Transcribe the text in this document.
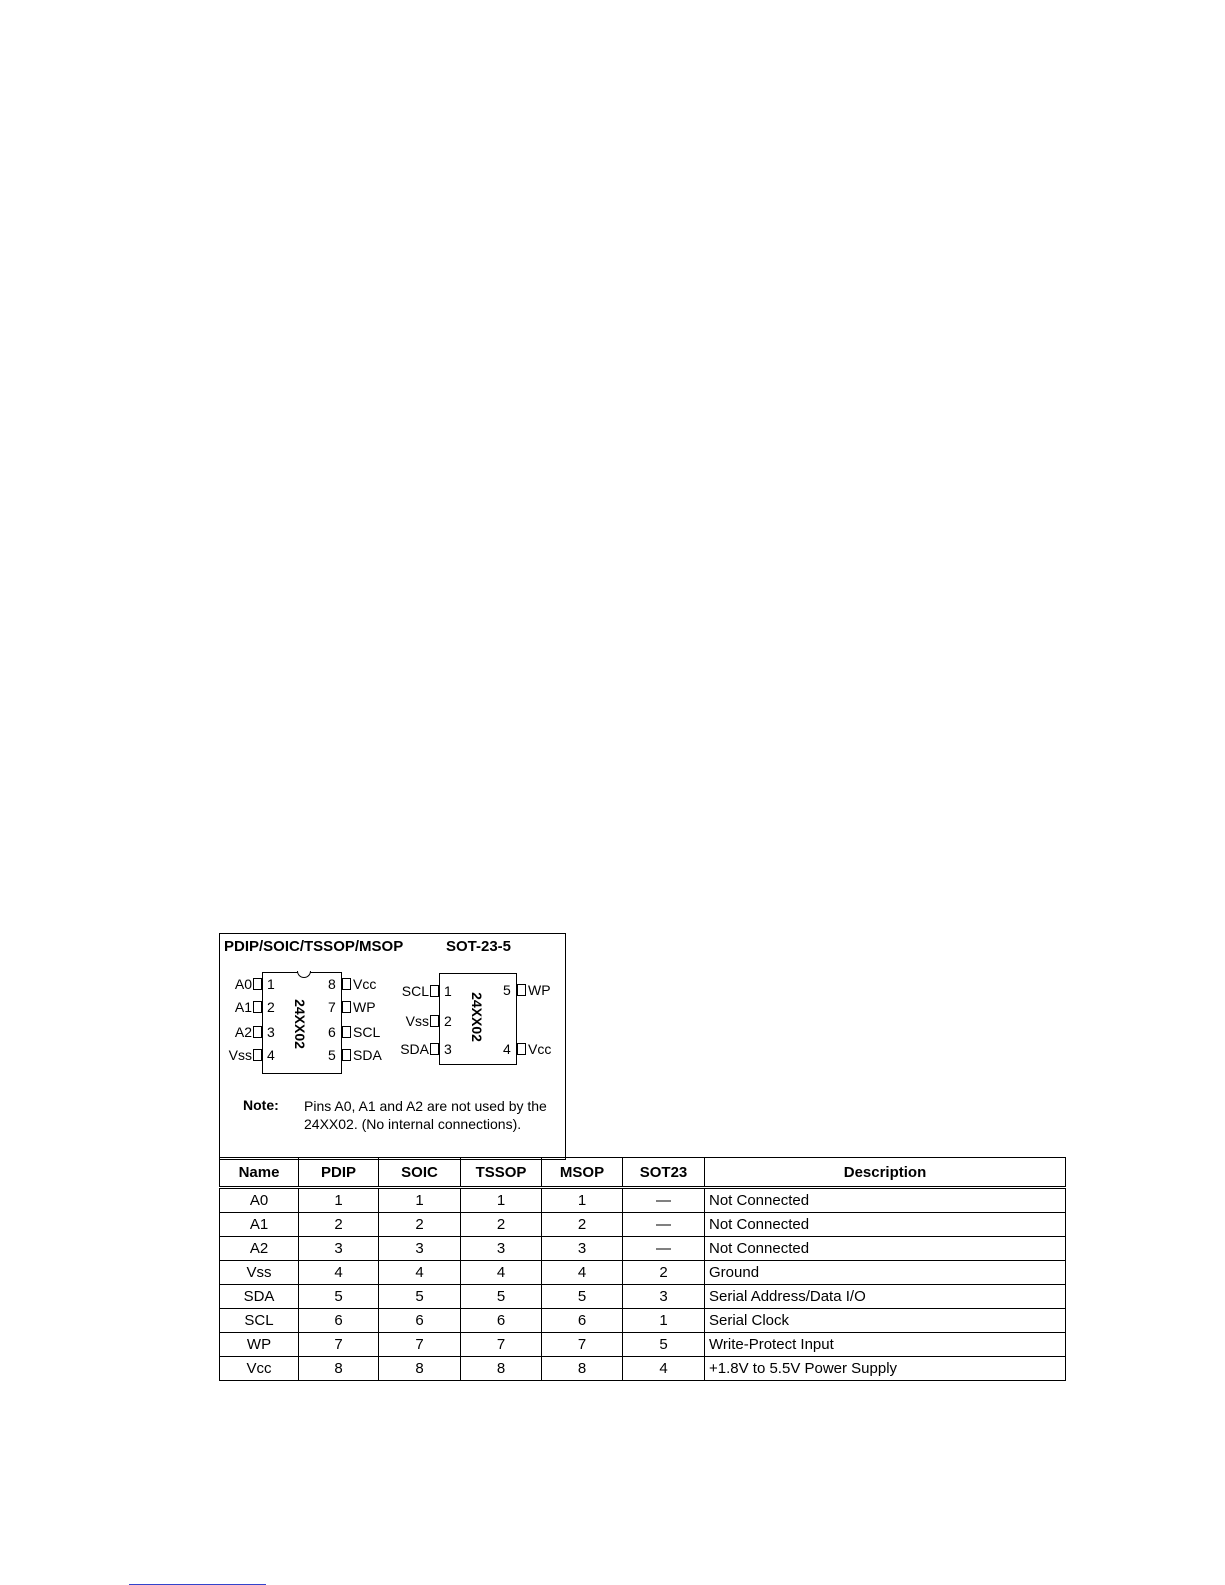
PDIP/SOIC/TSSOP/MSOP	SOT-23-5
24XX02	24XX02
A0 1
A1 2
A2 3
Vss 4
Vcc
8
WP
7
SCL
6
SDA
5
SCL 1
Vss 2
SDA 3
WP
5
Vcc
4
Note: Pins A0, A1 and A2 are not used by the 24XX02. (No internal connections).
Name	PDIP	SOIC	TSSOP	MSOP	SOT23	Description
A0	1	1	1	1	—	Not Connected
A1	2	2	2	2	—	Not Connected
A2	3	3	3	3	—	Not Connected
Vss	4	4	4	4	2	Ground
SDA	5	5	5	5	3	Serial Address/Data I/O
SCL	6	6	6	6	1	Serial Clock
WP	7	7	7	7	5	Write-Protect Input
Vcc	8	8	8	8	4	+1.8V to 5.5V Power Supply
